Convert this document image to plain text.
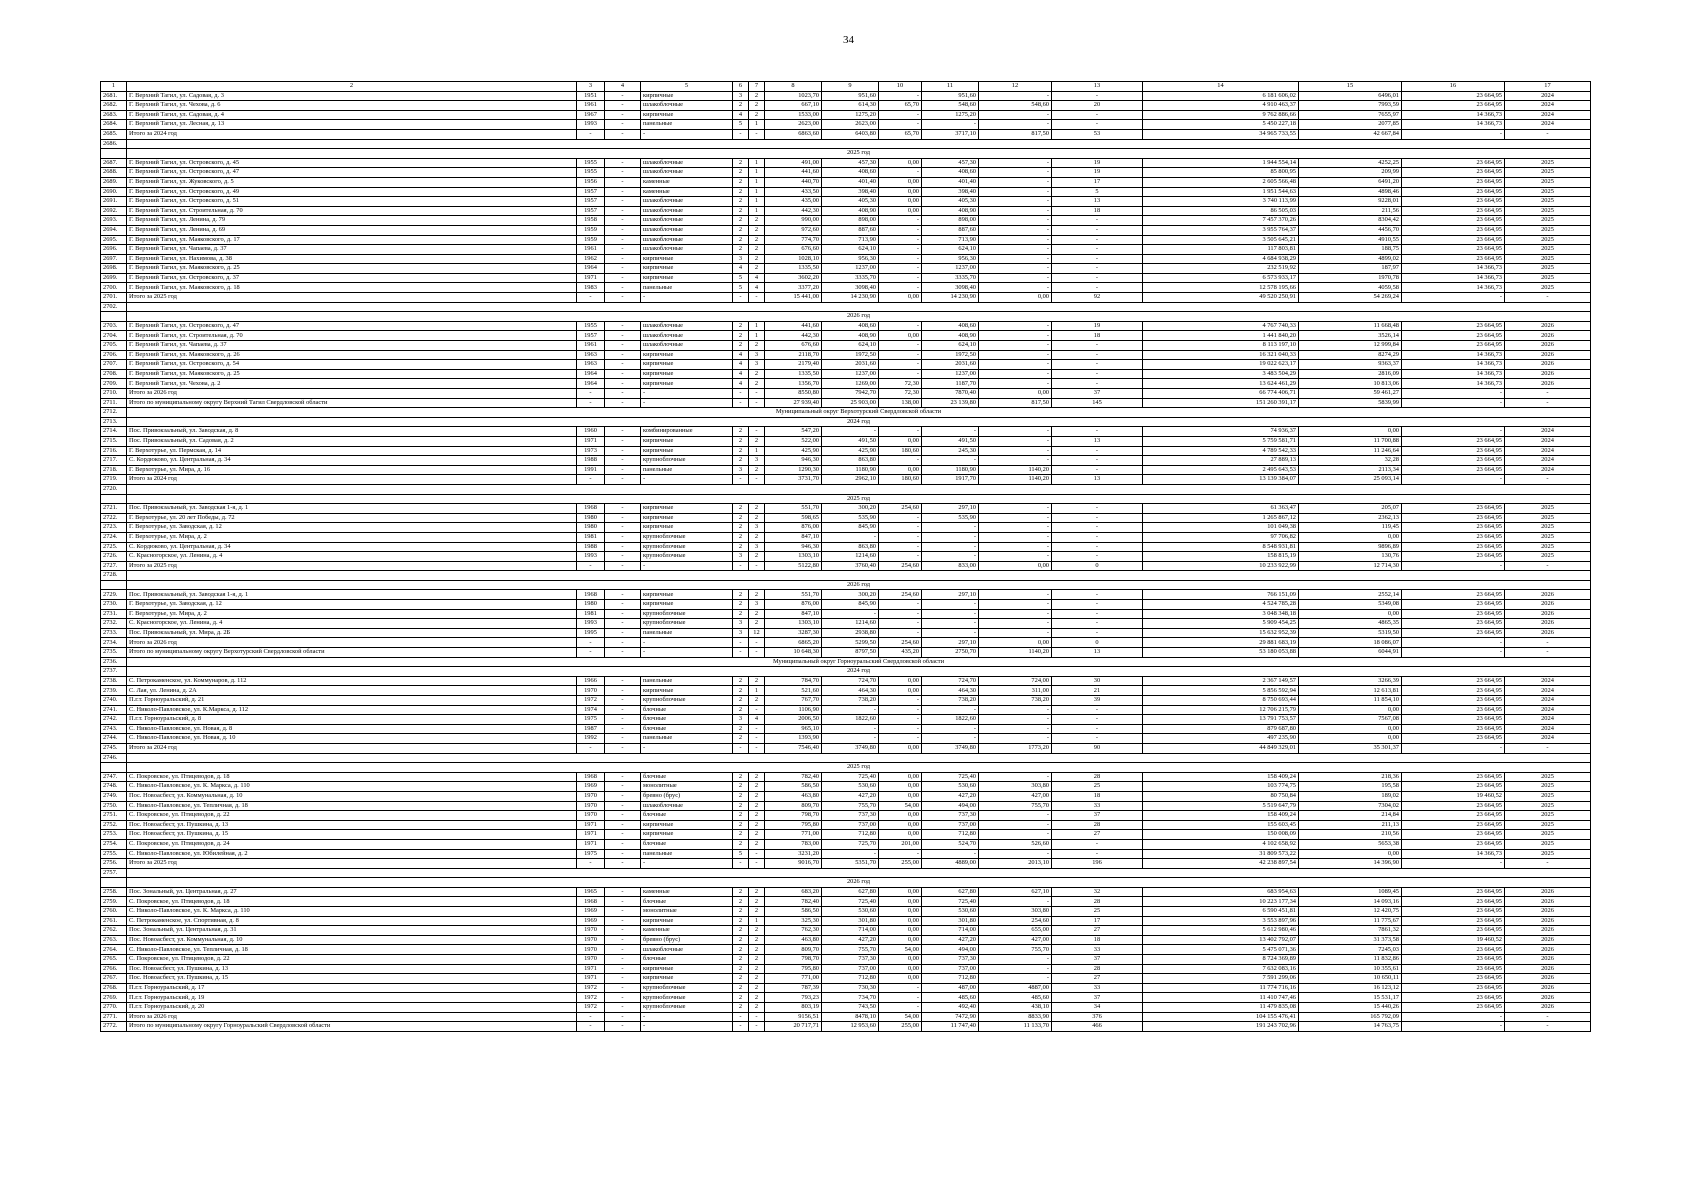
34
1	2	3	4	5	6	7	8	9	10	11	12	13	14	15	16	17
2681.	Г. Верхний Тагил, ул. Садовая, д. 3	1951	-	кирпичные	3	2	1023,70	951,60	-	951,60	-	-	6 181 606,02	6496,01	23 664,95	2024
2682.	Г. Верхний Тагил, ул. Чехова, д. 6	1961	-	шлакоблочные	2	2	667,10	614,30	65,70	548,60	548,60	20	4 910 463,37	7993,59	23 664,95	2024
2683.	Г. Верхний Тагил, ул. Садовая, д. 4	1967	-	кирпичные	4	2	1533,00	1275,20	-	1275,20	-	-	9 762 886,66	7655,97	14 366,73	2024
2684.	Г. Верхний Тагил, ул. Лесная, д. 13	1993	-	панельные	5	1	2623,00	2623,00	-	-	-	-	5 450 227,18	2077,85	14 366,73	2024
2685.	Итого за 2024 год	-	-	-	-	-	6863,60	6403,80	65,70	3717,10	817,50	53	34 965 733,55	42 667,84	-	-
2686.																
	2025 год															
2687.	Г. Верхний Тагил, ул. Островского, д. 45	1955	-	шлакоблочные	2	1	491,00	457,30	0,00	457,30	-	19	1 944 554,14	4252,25	23 664,95	2025
2688.	Г. Верхний Тагил, ул. Островского, д. 47	1955	-	шлакоблочные	2	1	441,60	408,60	-	408,60	-	19	85 800,95	209,99	23 664,95	2025
2689.	Г. Верхний Тагил, ул. Жуковского, д. 5	1956	-	каменные	2	1	440,70	401,40	0,00	401,40	-	17	2 605 566,48	6491,20	23 664,95	2025
2690.	Г. Верхний Тагил, ул. Островского, д. 49	1957	-	каменные	2	1	433,50	398,40	0,00	398,40	-	5	1 951 544,63	4898,46	23 664,95	2025
2691.	Г. Верхний Тагил, ул. Островского, д. 51	1957	-	шлакоблочные	2	1	435,00	405,30	0,00	405,30	-	13	3 740 113,99	9228,01	23 664,95	2025
2692.	Г. Верхний Тагил, ул. Строительная, д. 70	1957	-	шлакоблочные	2	1	442,30	408,90	0,00	408,90	-	18	86 505,03	211,56	23 664,95	2025
2693.	Г. Верхний Тагил, ул. Ленина, д. 79	1958	-	шлакоблочные	2	2	990,00	898,00	-	898,00	-	-	7 457 370,26	8304,42	23 664,95	2025
2694.	Г. Верхний Тагил, ул. Ленина, д. 69	1959	-	шлакоблочные	2	2	972,60	887,60	-	887,60	-	-	3 955 764,37	4456,70	23 664,95	2025
2695.	Г. Верхний Тагил, ул. Маяковского, д. 17	1959	-	шлакоблочные	2	2	774,70	713,90	-	713,90	-	-	3 505 645,21	4910,55	23 664,95	2025
2696.	Г. Верхний Тагил, ул. Чапаева, д. 37	1961	-	шлакоблочные	2	2	676,60	624,10	-	624,10	-	-	117 803,81	188,75	23 664,95	2025
2697.	Г. Верхний Тагил, ул. Нахимова, д. 38	1962	-	кирпичные	3	2	1028,10	956,30	-	956,30	-	-	4 684 938,29	4899,02	23 664,95	2025
2698.	Г. Верхний Тагил, ул. Маяковского, д. 25	1964	-	кирпичные	4	2	1335,50	1237,00	-	1237,00	-	-	232 519,92	187,97	14 366,73	2025
2699.	Г. Верхний Тагил, ул. Островского, д. 37	1971	-	кирпичные	5	4	3602,20	3335,70	-	3335,70	-	-	6 573 933,17	1970,78	14 366,73	2025
2700.	Г. Верхний Тагил, ул. Маяковского, д. 18	1983	-	панельные	5	4	3377,20	3098,40	-	3098,40	-	-	12 578 195,66	4059,58	14 366,73	2025
2701.	Итого за 2025 год	-	-	-	-	-	15 441,00	14 230,90	0,00	14 230,90	0,00	92	49 520 250,91	54 269,24	-	-
2702.																
	2026 год															
2703.	Г. Верхний Тагил, ул. Островского, д. 47	1955	-	шлакоблочные	2	1	441,60	408,60	-	408,60	-	19	4 767 740,33	11 668,48	23 664,95	2026
2704.	Г. Верхний Тагил, ул. Строительная, д. 70	1957	-	шлакоблочные	2	1	442,30	408,90	0,00	408,90	-	18	1 441 840,20	3526,14	23 664,95	2026
2705.	Г. Верхний Тагил, ул. Чапаева, д. 37	1961	-	шлакоблочные	2	2	676,60	624,10	-	624,10	-	-	8 113 197,10	12 999,84	23 664,95	2026
2706.	Г. Верхний Тагил, ул. Маяковского, д. 26	1963	-	кирпичные	4	3	2118,70	1972,50	-	1972,50	-	-	16 321 040,33	8274,29	14 366,73	2026
2707.	Г. Верхний Тагил, ул. Островского, д. 54	1963	-	кирпичные	4	3	2179,40	2031,60	-	2031,60	-	-	19 022 623,17	9363,37	14 366,73	2026
2708.	Г. Верхний Тагил, ул. Маяковского, д. 25	1964	-	кирпичные	4	2	1335,50	1237,00	-	1237,00	-	-	3 483 504,29	2816,09	14 366,73	2026
2709.	Г. Верхний Тагил, ул. Чехова, д. 2	1964	-	кирпичные	4	2	1356,70	1269,00	72,30	1187,70	-	-	13 624 461,29	10 813,06	14 366,73	2026
2710.	Итого за 2026 год	-	-	-	-	-	8550,80	7942,70	72,30	7870,40	0,00	37	66 774 406,71	59 461,27	-	-
2711.	Итого по муниципальному округу Верхний Тагил Свердловской области	-	-	-	-	-	27 939,40	25 903,00	138,00	23 139,80	817,50	145	151 260 391,17	5839,99	-	-
2712.	Муниципальный округ Верхотурский Свердловской области															
2713.	2024 год															
2714.	Пос. Привокзальный, ул. Заводская, д. 8	1960	-	комбинированные	2	-	547,20	-	-	-	-	-	74 936,37	0,00	-	2024
2715.	Пос. Привокзальный, ул. Садовая, д. 2	1971	-	кирпичные	2	2	522,00	491,50	0,00	491,50	-	13	5 759 581,71	11 700,88	23 664,95	2024
2716.	Г. Верхотурье, ул. Пермская, д. 14	1973	-	кирпичные	2	1	425,90	425,90	180,60	245,30	-	-	4 789 542,33	11 246,64	23 664,95	2024
2717.	С. Кордюково, ул. Центральная, д. 34	1988	-	крупноблочные	2	3	946,30	863,80	-	-	-	-	27 889,13	32,28	23 664,95	2024
2718.	Г. Верхотурье, ул. Мира, д. 16	1991	-	панельные	3	2	1290,30	1180,90	0,00	1180,90	1140,20	-	2 495 643,53	2113,34	23 664,95	2024
2719.	Итого за 2024 год	-	-	-	-	-	3731,70	2962,10	180,60	1917,70	1140,20	13	13 139 384,07	25 093,14	-	-
2720.																
	2025 год															
2721.	Пос. Привокзальный, ул. Заводская 1-я, д. 1	1968	-	кирпичные	2	2	551,70	300,20	254,60	297,10	-	-	61 363,47	205,07	23 664,95	2025
2722.	Г. Верхотурье, ул. 20 лет Победы, д. 72	1980	-	кирпичные	2	2	598,65	535,90	-	535,90	-	-	1 265 867,12	2362,13	23 664,95	2025
2723.	Г. Верхотурье, ул. Заводская, д. 12	1980	-	кирпичные	2	3	876,00	845,90	-	-	-	-	101 049,38	119,45	23 664,95	2025
2724.	Г. Верхотурье, ул. Мира, д. 2	1981	-	крупноблочные	2	2	847,10	-	-	-	-	-	97 706,82	0,00	23 664,95	2025
2725.	С. Кордюково, ул. Центральная, д. 34	1988	-	крупноблочные	2	3	946,30	863,80	-	-	-	-	8 548 931,81	9896,89	23 664,95	2025
2726.	С. Красногорское, ул. Ленина, д. 4	1993	-	крупноблочные	3	2	1303,10	1214,60	-	-	-	-	158 815,19	130,76	23 664,95	2025
2727.	Итого за 2025 год	-	-	-	-	-	5122,80	3760,40	254,60	833,00	0,00	0	10 233 922,99	12 714,30	-	-
2728.																
	2026 год															
2729.	Пос. Привокзальный, ул. Заводская 1-я, д. 1	1968	-	кирпичные	2	2	551,70	300,20	254,60	297,10	-	-	766 151,09	2552,14	23 664,95	2026
2730.	Г. Верхотурье, ул. Заводская, д. 12	1980	-	кирпичные	2	3	876,00	845,90	-	-	-	-	4 524 785,28	5349,08	23 664,95	2026
2731.	Г. Верхотурье, ул. Мира, д. 2	1981	-	крупноблочные	2	2	847,10	-	-	-	-	-	3 048 348,18	0,00	23 664,95	2026
2732.	С. Красногорское, ул. Ленина, д. 4	1993	-	крупноблочные	3	2	1303,10	1214,60	-	-	-	-	5 909 454,25	4865,35	23 664,95	2026
2733.	Пос. Привокзальный, ул. Мира, д. 2Б	1995	-	панельные	3	12	3287,30	2938,80	-	-	-	-	15 632 952,39	5319,50	23 664,95	2026
2734.	Итого за 2026 год	-	-	-	-	-	6865,20	5299,50	254,60	297,10	0,00	0	29 881 683,19	18 086,07	-	-
2735.	Итого по муниципальному округу Верхотурский Свердловской области	-	-	-	-	-	10 648,30	8797,50	435,20	2750,70	1140,20	13	53 180 053,88	6044,91	-	-
2736.	Муниципальный округ Горноуральский Свердловской области															
2737.	2024 год															
2738.	С. Петрокаменское, ул. Коммунаров, д. 112	1966	-	панельные	2	2	784,70	724,70	0,00	724,70	724,00	30	2 367 149,57	3266,39	23 664,95	2024
2739.	С. Лая, ул. Ленина, д. 2А	1970	-	кирпичные	2	1	521,60	464,30	0,00	464,30	311,00	21	5 856 592,94	12 613,81	23 664,95	2024
2740.	П.г.т. Горноуральский, д. 21	1972	-	крупноблочные	2	2	767,70	738,20	-	738,20	738,20	39	8 750 693,44	11 854,10	23 664,95	2024
2741.	С. Николо-Павловское, ул. К.Маркса, д. 112	1974	-	блочные	2	-	1106,90	-	-	-	-	-	12 706 215,79	0,00	23 664,95	2024
2742.	П.г.т. Горноуральский, д. 8	1975	-	блочные	3	4	2006,50	1822,60	-	1822,60	-	-	13 791 753,57	7567,08	23 664,95	2024
2743.	С. Николо-Павловское, ул. Новая, д. 8	1987	-	блочные	2	-	965,10	-	-	-	-	-	879 687,80	0,00	23 664,95	2024
2744.	С. Николо-Павловское, ул. Новая, д. 10	1992	-	панельные	2	-	1393,90	-	-	-	-	-	497 235,90	0,00	23 664,95	2024
2745.	Итого за 2024 год	-	-	-	-	-	7546,40	3749,80	0,00	3749,80	1773,20	90	44 849 329,01	35 301,37	-	-
2746.																
	2025 год															
2747.	С. Покровское, ул. Птицеводов, д. 18	1968	-	блочные	2	2	782,40	725,40	0,00	725,40	-	28	158 409,24	218,36	23 664,95	2025
2748.	С. Николо-Павловское, ул. К. Маркса, д. 110	1969	-	монолитные	2	2	586,50	530,60	0,00	530,60	303,80	25	103 774,75	195,58	23 664,95	2025
2749.	Пос. Новоасбест, ул. Коммунальная, д. 10	1970	-	бревно (брус)	2	2	463,80	427,20	0,00	427,20	427,00	18	80 750,84	189,02	19 460,52	2025
2750.	С. Николо-Павловское, ул. Тепличная, д. 18	1970	-	шлакоблочные	2	2	809,70	755,70	54,00	494,00	755,70	33	5 519 647,79	7304,02	23 664,95	2025
2751.	С. Покровское, ул. Птицеводов, д. 22	1970	-	блочные	2	2	798,70	737,30	0,00	737,30	-	37	158 409,24	214,84	23 664,95	2025
2752.	Пос. Новоасбест, ул. Пушкина, д. 13	1971	-	кирпичные	2	2	795,80	737,00	0,00	737,00	-	28	155 603,45	211,13	23 664,95	2025
2753.	Пос. Новоасбест, ул. Пушкина, д. 15	1971	-	кирпичные	2	2	771,00	712,80	0,00	712,80	-	27	150 008,09	210,56	23 664,95	2025
2754.	С. Покровское, ул. Птицеводов, д. 24	1971	-	блочные	2	2	783,00	725,70	201,00	524,70	526,60	-	4 102 658,92	5653,38	23 664,95	2025
2755.	С. Николо-Павловское, ул. Юбилейная, д. 2	1975	-	панельные	5	-	3231,20	-	-	-	-	-	31 809 573,22	0,00	14 366,73	2025
2756.	Итого за 2025 год	-	-	-	-	-	9016,70	5351,70	255,00	4889,00	2013,10	196	42 238 897,54	14 396,90	-	-
2757.																
	2026 год															
2758.	Пос. Зональный, ул. Центральная, д. 27	1965	-	каменные	2	2	683,20	627,80	0,00	627,80	627,10	32	683 954,63	1089,45	23 664,95	2026
2759.	С. Покровское, ул. Птицеводов, д. 18	1968	-	блочные	2	2	782,40	725,40	0,00	725,40	-	28	10 223 177,34	14 093,16	23 664,95	2026
2760.	С. Николо-Павловское, ул. К. Маркса, д. 110	1969	-	монолитные	2	2	586,50	530,60	0,00	530,60	303,80	25	6 590 451,81	12 420,75	23 664,95	2026
2761.	С. Петрокаменское, ул. Спортивная, д. 8	1969	-	кирпичные	2	1	325,30	301,80	0,00	301,80	254,60	17	3 553 897,96	11 775,67	23 664,95	2026
2762.	Пос. Зональный, ул. Центральная, д. 31	1970	-	каменные	2	2	762,30	714,00	0,00	714,00	655,00	27	5 612 980,46	7861,32	23 664,95	2026
2763.	Пос. Новоасбест, ул. Коммунальная, д. 10	1970	-	бревно (брус)	2	2	463,80	427,20	0,00	427,20	427,00	18	13 402 792,07	31 373,58	19 460,52	2026
2764.	С. Николо-Павловское, ул. Тепличная, д. 18	1970	-	шлакоблочные	2	2	809,70	755,70	54,00	494,00	755,70	33	5 475 071,36	7245,03	23 664,95	2026
2765.	С. Покровское, ул. Птицеводов, д. 22	1970	-	блочные	2	2	798,70	737,30	0,00	737,30	-	37	8 724 369,89	11 832,86	23 664,95	2026
2766.	Пос. Новоасбест, ул. Пушкина, д. 13	1971	-	кирпичные	2	2	795,80	737,00	0,00	737,00	-	28	7 632 083,16	10 355,61	23 664,95	2026
2767.	Пос. Новоасбест, ул. Пушкина, д. 15	1971	-	кирпичные	2	2	771,00	712,80	0,00	712,80	-	27	7 591 299,06	10 650,11	23 664,95	2026
2768.	П.г.т. Горноуральский, д. 17	1972	-	крупноблочные	2	2	787,39	730,30	-	487,00	4887,00	33	11 774 716,16	16 123,12	23 664,95	2026
2769.	П.г.т. Горноуральский, д. 19	1972	-	крупноблочные	2	2	793,23	734,70	-	485,60	485,60	37	11 410 747,46	15 531,17	23 664,95	2026
2770.	П.г.т. Горноуральский, д. 20	1972	-	крупноблочные	2	2	803,19	743,50	-	492,40	438,10	34	11 479 835,08	15 440,26	23 664,95	2026
2771.	Итого за 2026 год	-	-	-	-	-	9156,51	8478,10	54,00	7472,90	8833,90	376	104 155 476,41	165 792,09	-	-
2772.	Итого по муниципальному округу Горноуральский Свердловской области	-	-	-	-	-	20 717,71	12 953,60	255,00	11 747,40	11 133,70	466	191 243 702,96	14 763,75	-	-
